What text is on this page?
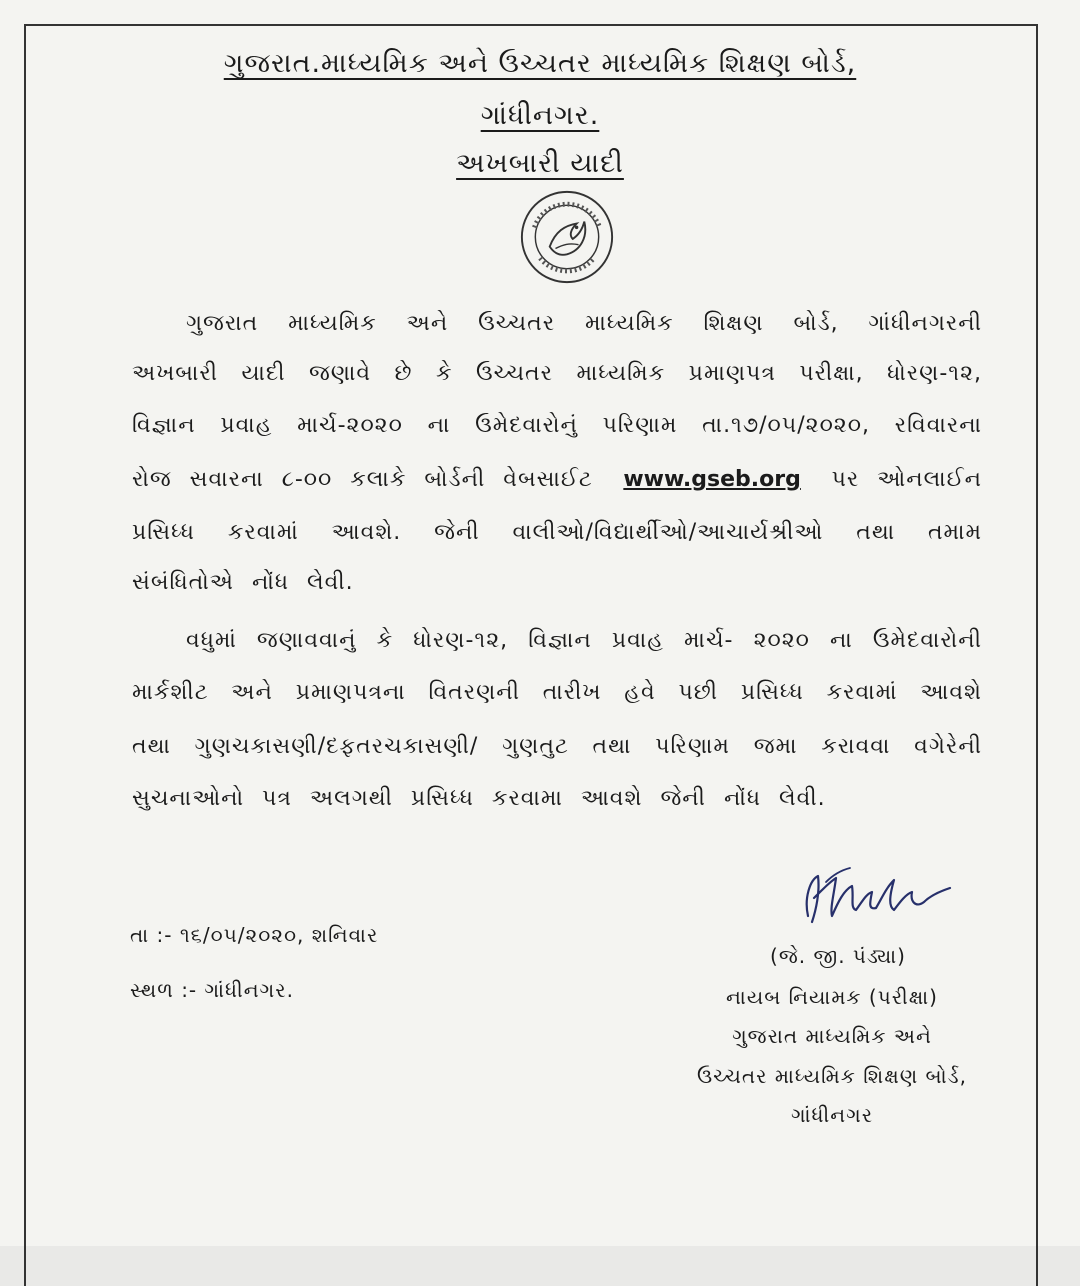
ગુજરાત.માધ્યમિક અને ઉચ્ચતર માધ્યમિક શિક્ષણ બોર્ડ,
ગાંધીનગર.
અખબારી યાદી
ગુજરાત માધ્યમિક અને ઉચ્ચતર માધ્યમિક શિક્ષણ બોર્ડ, ગાંધીનગરની
અખબારી યાદી જણાવે છે કે ઉચ્ચતર માધ્યમિક પ્રમાણપત્ર પરીક્ષા, ધોરણ-૧૨,
વિજ્ઞાન પ્રવાહ માર્ચ-૨૦૨૦ ના ઉમેદવારોનું પરિણામ તા.૧૭/૦૫/૨૦૨૦, રવિવારના
રોજ સવારના ૮-૦૦ કલાકે બોર્ડની વેબસાઈટ www.gseb.org પર ઓનલાઈન
પ્રસિધ્ધ કરવામાં આવશે. જેની વાલીઓ/વિદ્યાર્થીઓ/આચાર્યશ્રીઓ તથા તમામ
સંબંધિતોએ નોંધ લેવી.
વધુમાં જણાવવાનું કે ધોરણ-૧૨, વિજ્ઞાન પ્રવાહ માર્ચ- ૨૦૨૦ ના ઉમેદવારોની
માર્કશીટ અને પ્રમાણપત્રના વિતરણની તારીખ હવે પછી પ્રસિધ્ધ કરવામાં આવશે
તથા ગુણચકાસણી/દફતરચકાસણી/ ગુણતુટ તથા પરિણામ જમા કરાવવા વગેરેની
સુચનાઓનો પત્ર અલગથી પ્રસિધ્ધ કરવામા આવશે જેની નોંધ લેવી.
તા :- ૧૬/૦૫/૨૦૨૦, શનિવાર
સ્થળ :- ગાંધીનગર.
(જે. જી. પંડ્યા)
નાયબ નિયામક (પરીક્ષા)
ગુજરાત માધ્યમિક અને
ઉચ્ચતર માધ્યમિક શિક્ષણ બોર્ડ,
ગાંધીનગર
